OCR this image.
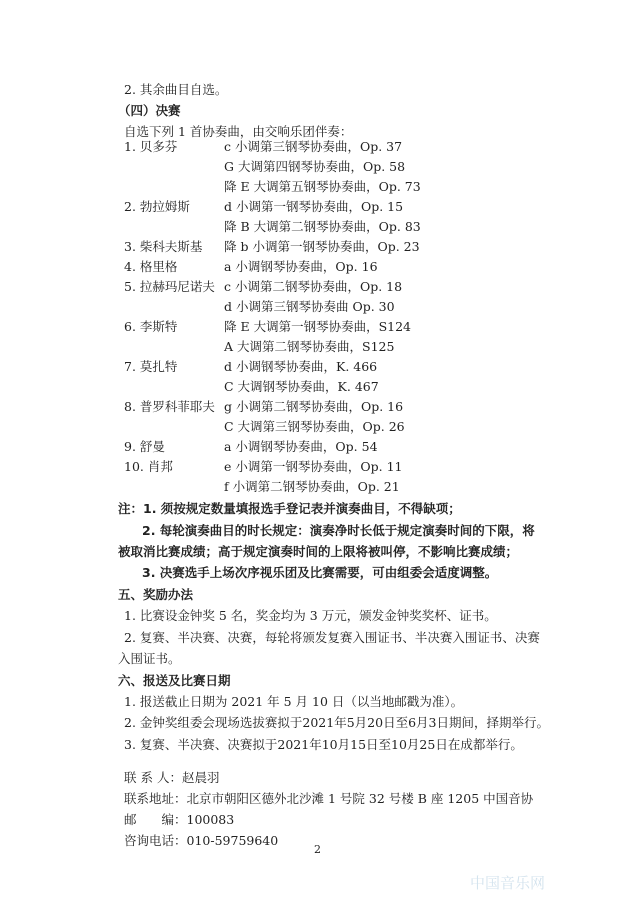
2. 其余曲目自选。
（四）决赛
自选下列 1 首协奏曲，由交响乐团伴奏：
1. 贝多芬	c 小调第三钢琴协奏曲，Op. 37
G 大调第四钢琴协奏曲，Op. 58
降 E 大调第五钢琴协奏曲，Op. 73
2. 勃拉姆斯	d 小调第一钢琴协奏曲，Op. 15
降 B 大调第二钢琴协奏曲，Op. 83
3. 柴科夫斯基 降 b 小调第一钢琴协奏曲，Op. 23
4. 格里格	a 小调钢琴协奏曲，Op. 16
5. 拉赫玛尼诺夫 c 小调第二钢琴协奏曲，Op. 18
d 小调第三钢琴协奏曲 Op. 30
6. 李斯特	降 E 大调第一钢琴协奏曲，S124
A 大调第二钢琴协奏曲，S125
7. 莫扎特	d 小调钢琴协奏曲，K. 466
C 大调钢琴协奏曲，K. 467
8. 普罗科菲耶夫 g 小调第二钢琴协奏曲，Op. 16
C 大调第三钢琴协奏曲，Op. 26
9. 舒曼	a 小调钢琴协奏曲，Op. 54
10. 肖邦	e 小调第一钢琴协奏曲，Op. 11
f 小调第二钢琴协奏曲，Op. 21
注：1. 须按规定数量填报选手登记表并演奏曲目，不得缺项；
2. 每轮演奏曲目的时长规定：演奏净时长低于规定演奏时间的下限，将
被取消比赛成绩；高于规定演奏时间的上限将被叫停，不影响比赛成绩；
3. 决赛选手上场次序视乐团及比赛需要，可由组委会适度调整。
五、奖励办法
1. 比赛设金钟奖 5 名，奖金均为 3 万元，颁发金钟奖奖杯、证书。
2. 复赛、半决赛、决赛，每轮将颁发复赛入围证书、半决赛入围证书、决赛
入围证书。
六、报送及比赛日期
1. 报送截止日期为 2021 年 5 月 10 日（以当地邮戳为准）。
2. 金钟奖组委会现场选拔赛拟于2021年5月20日至6月3日期间，择期举行。
3. 复赛、半决赛、决赛拟于2021年10月15日至10月25日在成都举行。
联 系 人：赵晨羽
联系地址：北京市朝阳区德外北沙滩 1 号院 32 号楼 B 座 1205 中国音协
邮　　编：100083
咨询电话：010-59759640
2
中国音乐网
